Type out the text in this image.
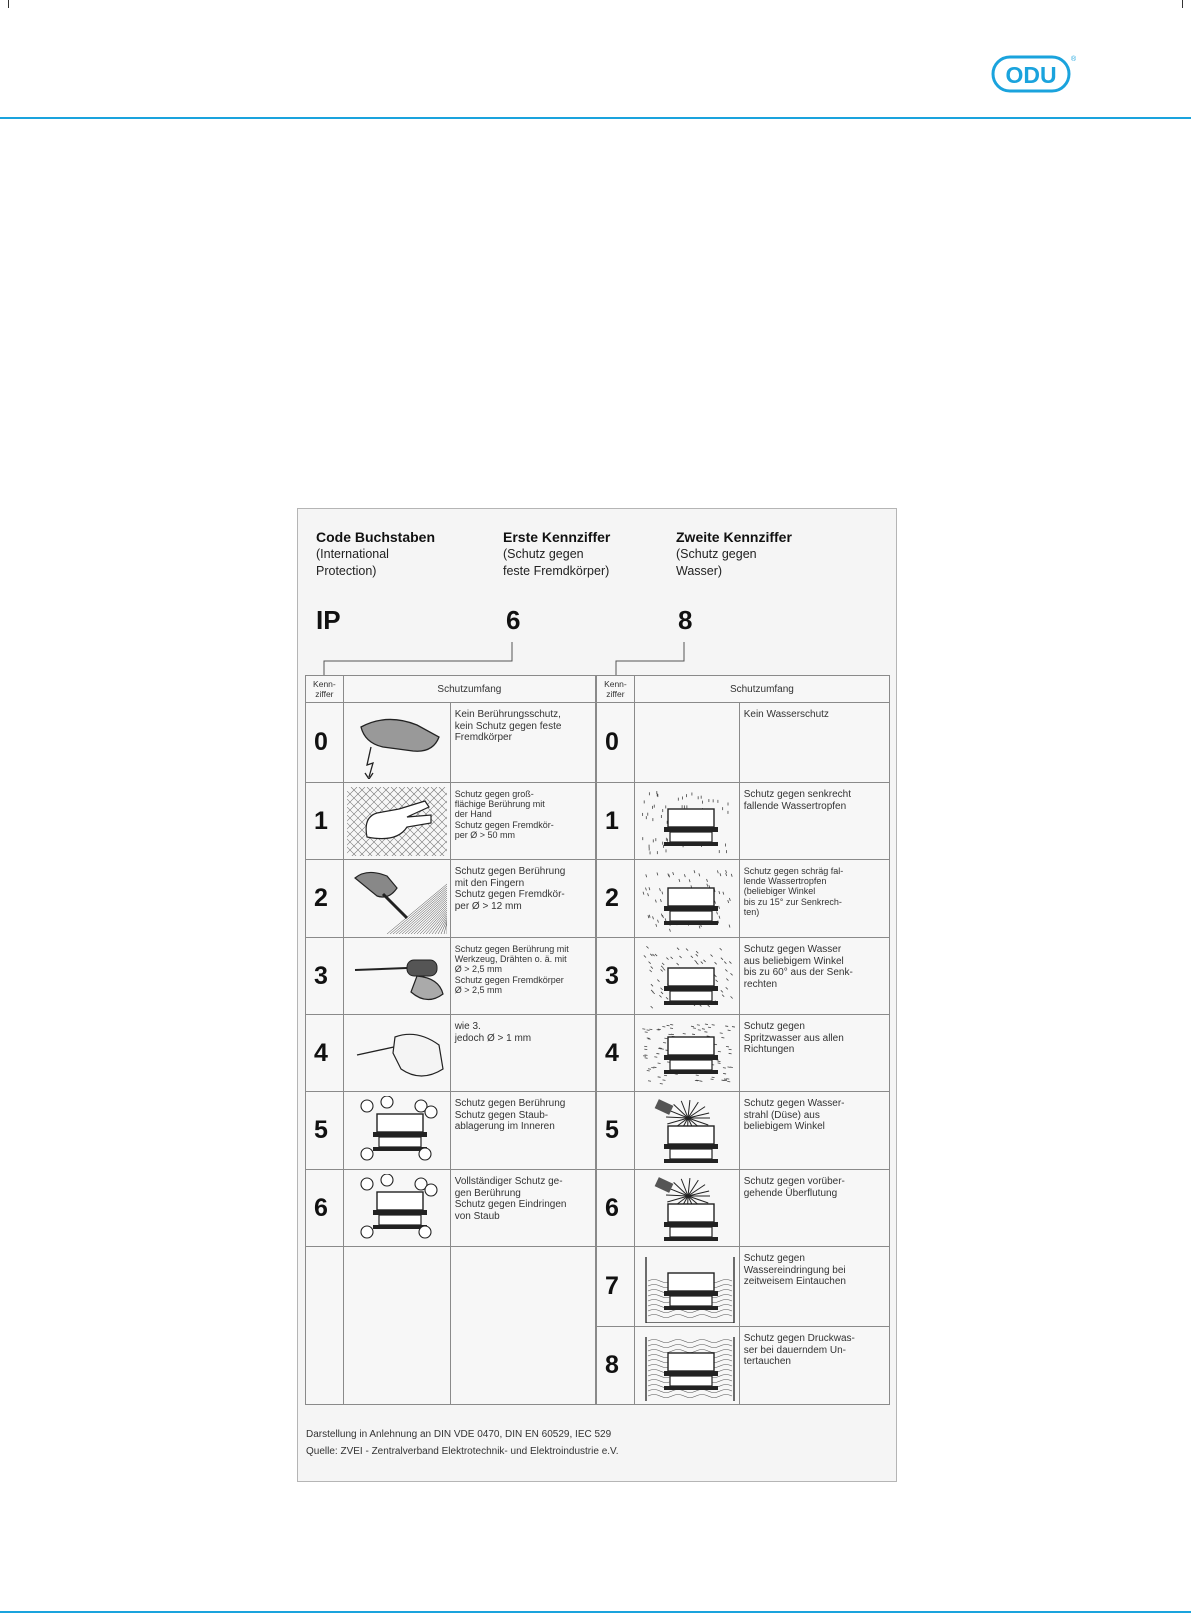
ODU
®
Code Buchstaben
(International
Protection)
Erste Kennziffer
(Schutz gegen
feste Fremdkörper)
Zweite Kennziffer
(Schutz gegen
Wasser)
IP	6	8
Kenn-
ziffer	Schutzumfang	
0		Kein Berührungsschutz,
kein Schutz gegen feste
Fremdkörper

1		Schutz gegen groß-
flächige Berührung mit
der Hand
Schutz gegen Fremdkör-
per Ø > 50 mm

2		Schutz gegen Berührung
mit den Fingern
Schutz gegen Fremdkör-
per Ø > 12 mm

3		Schutz gegen Berührung mit
Werkzeug, Drähten o. ä. mit
Ø > 2,5 mm
Schutz gegen Fremdkörper
Ø > 2,5 mm

4		wie 3.
jedoch Ø > 1 mm

5		Schutz gegen Berührung
Schutz gegen Staub-
ablagerung im Inneren

6		Vollständiger Schutz ge-
gen Berührung
Schutz gegen Eindringen
von Staub

Kenn-
ziffer	Schutzumfang	
0		Kein Wasserschutz

1		Schutz gegen senkrecht
fallende Wassertropfen

2		Schutz gegen schräg fal-
lende Wassertropfen
(beliebiger Winkel
bis zu 15° zur Senkrech-
ten)

3		Schutz gegen Wasser
aus beliebigem Winkel
bis zu 60° aus der Senk-
rechten

4		Schutz gegen
Spritzwasser aus allen
Richtungen

5		Schutz gegen Wasser-
strahl (Düse) aus
beliebigem Winkel

6		Schutz gegen vorüber-
gehende Überflutung

7		Schutz gegen
Wassereindringung bei
zeitweisem Eintauchen

8		Schutz gegen Druckwas-
ser bei dauerndem Un-
tertauchen
Darstellung in Anlehnung an DIN VDE 0470, DIN EN 60529, IEC 529
Quelle: ZVEI - Zentralverband Elektrotechnik- und Elektroindustrie e.V.
